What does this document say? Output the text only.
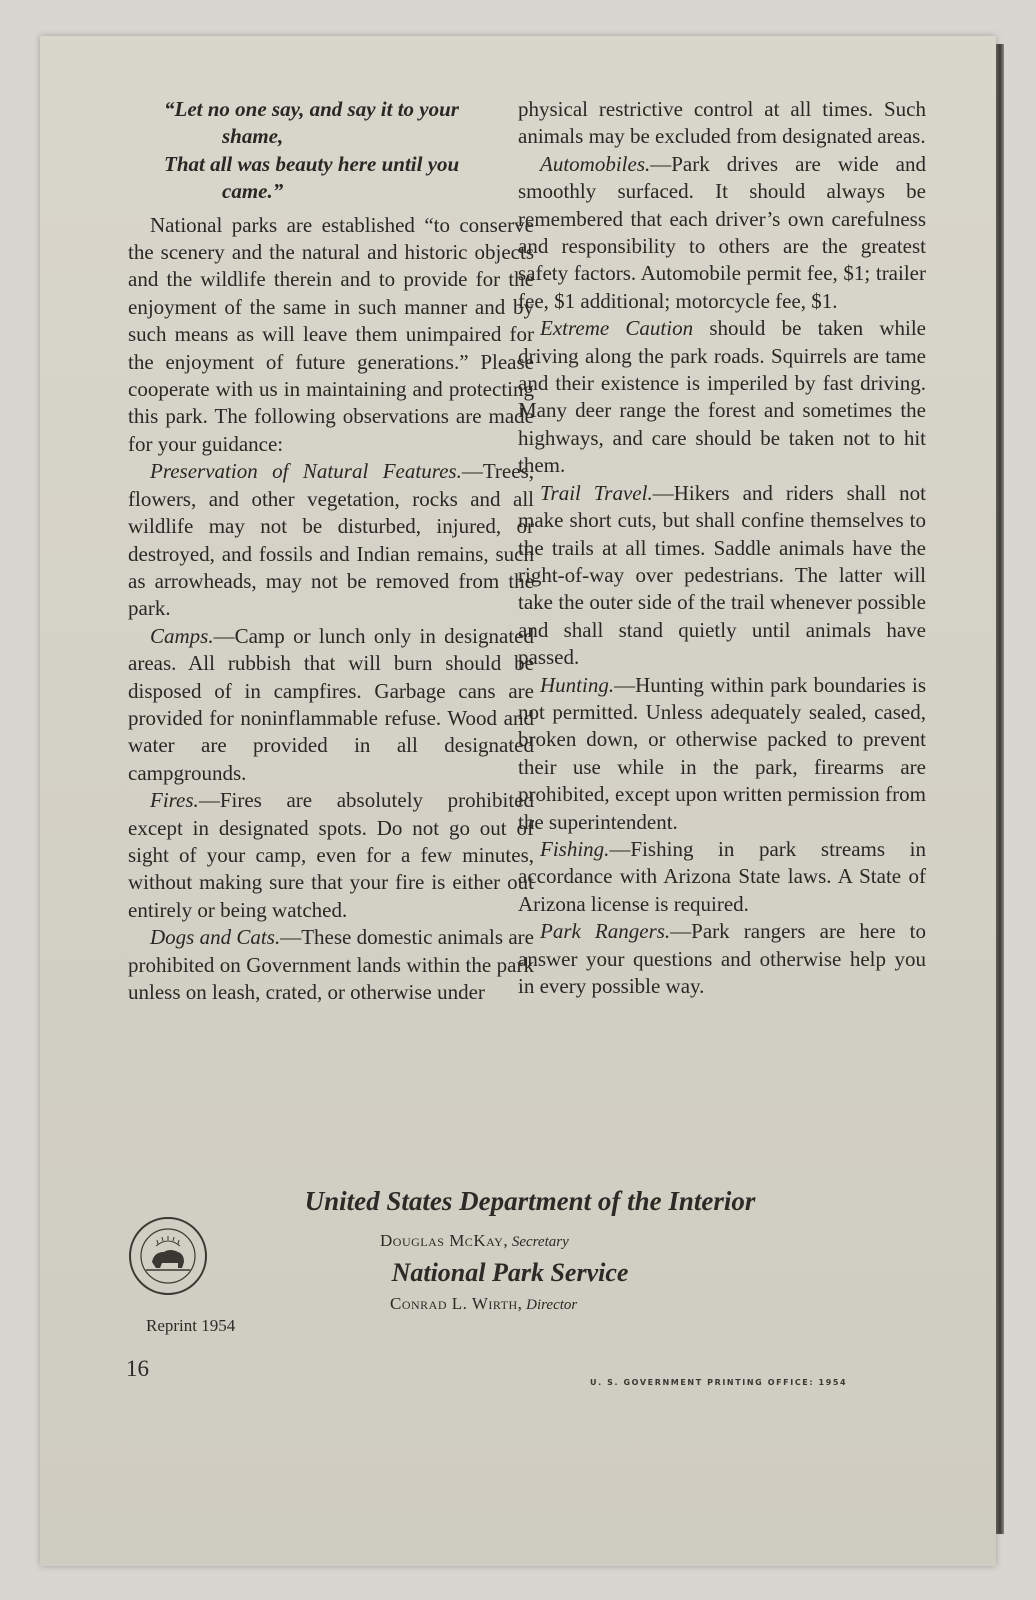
“Let no one say, and say it to your

shame,

That all was beauty here until you

came.”

National parks are established “to conserve the scenery and the natural and historic objects and the wildlife therein and to provide for the enjoyment of the same in such manner and by such means as will leave them unimpaired for the enjoyment of future generations.” Please cooperate with us in maintaining and protecting this park. The following observations are made for your guidance:

Preservation of Natural Features.—Trees, flowers, and other vegetation, rocks and all wildlife may not be disturbed, injured, or destroyed, and fossils and Indian remains, such as arrowheads, may not be removed from the park.

Camps.—Camp or lunch only in designated areas. All rubbish that will burn should be disposed of in campfires. Garbage cans are provided for noninflammable refuse. Wood and water are provided in all designated campgrounds.

Fires.—Fires are absolutely prohibited except in designated spots. Do not go out of sight of your camp, even for a few minutes, without making sure that your fire is either out entirely or being watched.

Dogs and Cats.—These domestic animals are prohibited on Government lands within the park unless on leash, crated, or otherwise under

physical restrictive control at all times. Such animals may be excluded from designated areas.

Automobiles.—Park drives are wide and smoothly surfaced. It should always be remembered that each driver’s own carefulness and responsibility to others are the greatest safety factors. Automobile permit fee, $1; trailer fee, $1 additional; motorcycle fee, $1.

Extreme Caution should be taken while driving along the park roads. Squirrels are tame and their existence is imperiled by fast driving. Many deer range the forest and sometimes the highways, and care should be taken not to hit them.

Trail Travel.—Hikers and riders shall not make short cuts, but shall confine themselves to the trails at all times. Saddle animals have the right-of-way over pedestrians. The latter will take the outer side of the trail whenever possible and shall stand quietly until animals have passed.

Hunting.—Hunting within park boundaries is not permitted. Unless adequately sealed, cased, broken down, or otherwise packed to prevent their use while in the park, firearms are prohibited, except upon written permission from the superintendent.

Fishing.—Fishing in park streams in accordance with Arizona State laws. A State of Arizona license is required.

Park Rangers.—Park rangers are here to answer your questions and otherwise help you in every possible way.

United States Department of the Interior
Douglas McKay, Secretary
National Park Service
Conrad L. Wirth, Director
Reprint 1954
16
U. S. GOVERNMENT PRINTING OFFICE: 1954
